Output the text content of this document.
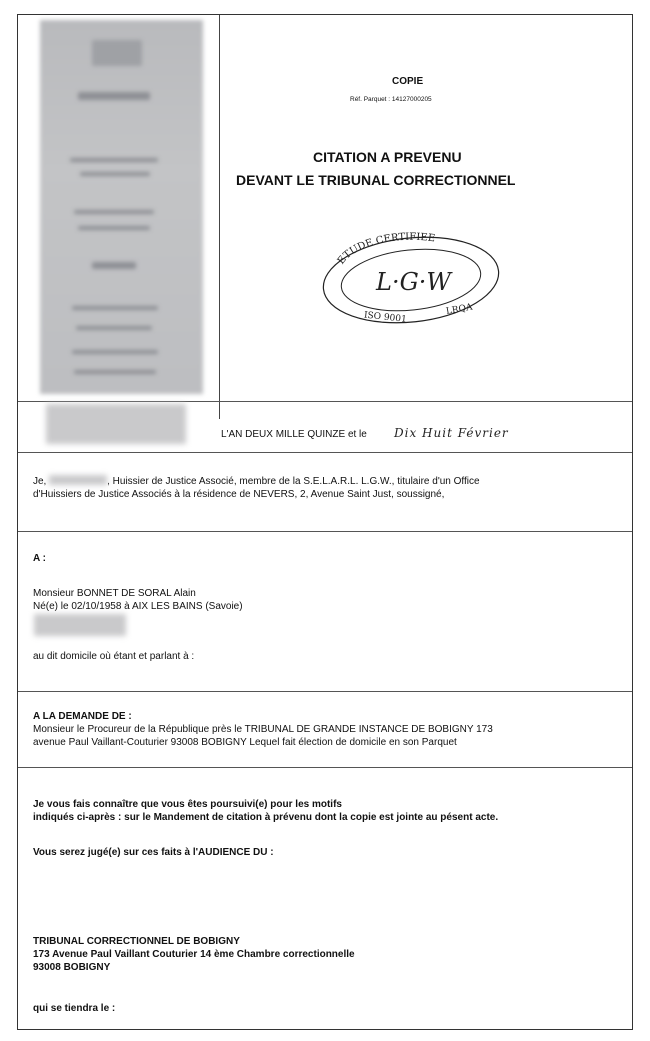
COPIE
Réf. Parquet : 14127000205
CITATION A PREVENU
DEVANT LE TRIBUNAL CORRECTIONNEL
ETUDE CERTIFIEE
L·G·W
ISO 9001
LRQA
L'AN DEUX MILLE QUINZE et le Dix Huit Février
Je,	, Huissier de Justice Associé, membre de la S.E.L.A.R.L. L.G.W., titulaire d'un Office
d'Huissiers de Justice Associés à la résidence de NEVERS, 2, Avenue Saint Just, soussigné,
A :
Monsieur BONNET DE SORAL Alain
Né(e) le 02/10/1958 à AIX LES BAINS (Savoie)
au dit domicile où étant et parlant à :
A LA DEMANDE DE :
Monsieur le Procureur de la République près le TRIBUNAL DE GRANDE INSTANCE DE BOBIGNY 173
avenue Paul Vaillant-Couturier 93008 BOBIGNY Lequel fait élection de domicile en son Parquet
Je vous fais connaître que vous êtes poursuivi(e) pour les motifs
indiqués ci-après : sur le Mandement de citation à prévenu dont la copie est jointe au pésent acte.
Vous serez jugé(e) sur ces faits à l'AUDIENCE DU :
TRIBUNAL CORRECTIONNEL DE BOBIGNY
173 Avenue Paul Vaillant Couturier 14 ème Chambre correctionnelle
93008 BOBIGNY
qui se tiendra le :
